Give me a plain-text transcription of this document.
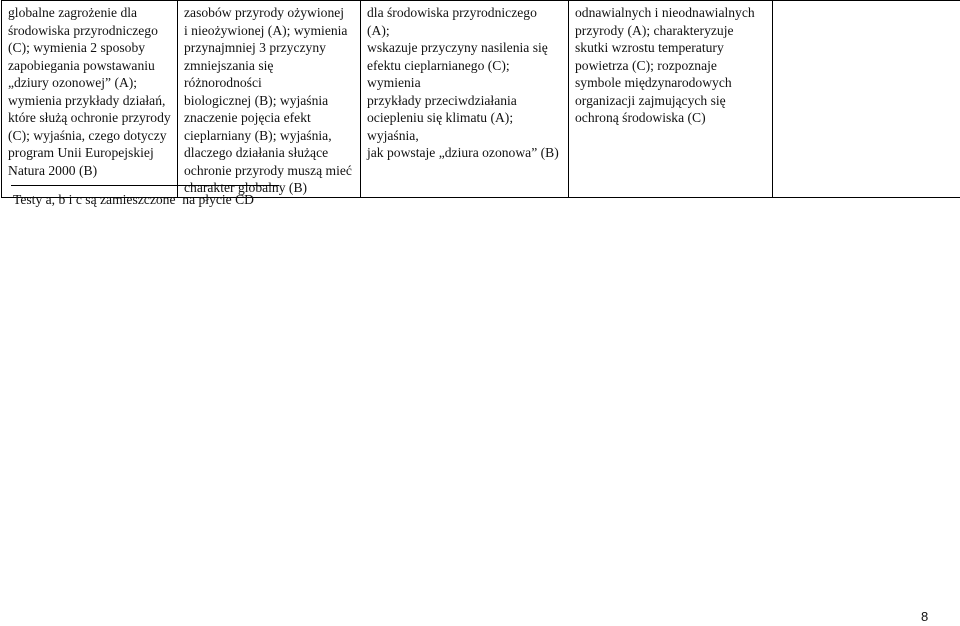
globalne zagrożenie dla
środowiska przyrodniczego
(C); wymienia 2 sposoby
zapobiegania powstawaniu
„dziury ozonowej” (A);
wymienia przykłady działań,
które służą ochronie przyrody
(C); wyjaśnia, czego dotyczy
program Unii Europejskiej
Natura 2000 (B)	zasobów przyrody ożywionej
i nieożywionej (A); wymienia
przynajmniej 3 przyczyny
zmniejszania się różnorodności
biologicznej (B); wyjaśnia
znaczenie pojęcia efekt
cieplarniany (B); wyjaśnia,
dlaczego działania służące
ochronie przyrody muszą mieć
charakter globalny (B)	dla środowiska przyrodniczego (A);
wskazuje przyczyny nasilenia się
efektu cieplarnianego (C); wymienia
przykłady przeciwdziałania
ociepleniu się klimatu (A); wyjaśnia,
jak powstaje „dziura ozonowa” (B)	odnawialnych i nieodnawialnych
przyrody (A); charakteryzuje
skutki wzrostu temperatury
powietrza (C); rozpoznaje
symbole międzynarodowych
organizacji zajmujących się
ochroną środowiska (C)	
Testy a, b i c są zamieszczone  na płycie CD
8
